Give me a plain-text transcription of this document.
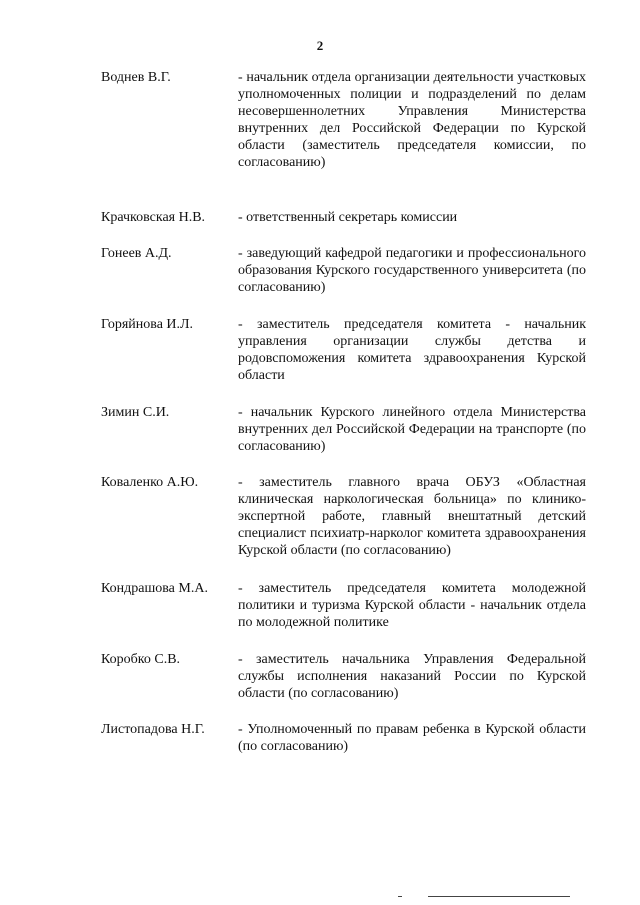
2
Воднев В.Г.	- начальник отдела организации деятельности участковых уполномоченных полиции и подразделений по делам несовершеннолетних Управления Министерства внутренних дел Российской Федерации по Курской области (заместитель председателя комиссии, по согласованию)
Крачковская Н.В. - ответственный секретарь комиссии
Гонеев А.Д.	- заведующий кафедрой педагогики и профессионального образования Курского государственного университета (по согласованию)
Горяйнова И.Л.	- заместитель председателя комитета - начальник управления организации службы детства и родовспоможения комитета здравоохранения Курской области
Зимин С.И.	- начальник Курского линейного отдела Министерства внутренних дел Российской Федерации на транспорте (по согласованию)
Коваленко А.Ю.	- заместитель главного врача ОБУЗ «Областная клиническая наркологическая больница» по клинико-экспертной работе, главный внештатный детский специалист психиатр-нарколог комитета здравоохранения Курской области (по согласованию)
Кондрашова М.А. - заместитель председателя комитета молодежной политики и туризма Курской области - начальник отдела по молодежной политике
Коробко С.В.	- заместитель начальника Управления Федеральной службы исполнения наказаний России по Курской области (по согласованию)
Листопадова Н.Г. - Уполномоченный по правам ребенка в Курской области (по согласованию)
